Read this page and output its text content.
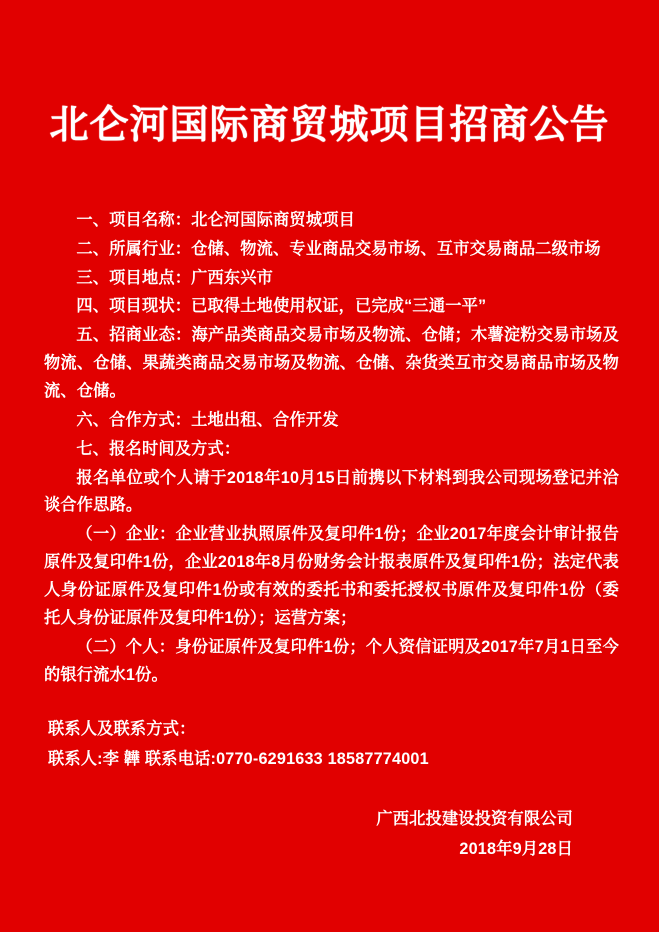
北仑河国际商贸城项目招商公告

一、项目名称：北仑河国际商贸城项目

二、所属行业：仓储、物流、专业商品交易市场、互市交易商品二级市场

三、项目地点：广西东兴市

四、项目现状：已取得土地使用权证，已完成“三通一平”

五、招商业态：海产品类商品交易市场及物流、仓储；木薯淀粉交易市场及物流、仓储、果蔬类商品交易市场及物流、仓储、杂货类互市交易商品市场及物流、仓储。

六、合作方式：土地出租、合作开发

七、报名时间及方式：

报名单位或个人请于2018年10月15日前携以下材料到我公司现场登记并洽谈合作思路。

（一）企业：企业营业执照原件及复印件1份；企业2017年度会计审计报告原件及复印件1份，企业2018年8月份财务会计报表原件及复印件1份；法定代表人身份证原件及复印件1份或有效的委托书和委托授权书原件及复印件1份（委托人身份证原件及复印件1份）；运营方案；

（二）个人：身份证原件及复印件1份；个人资信证明及2017年7月1日至今的银行流水1份。

联系人及联系方式：
联系人:李 韡 联系电话:0770-6291633 18587774001
广西北投建设投资有限公司
2018年9月28日
